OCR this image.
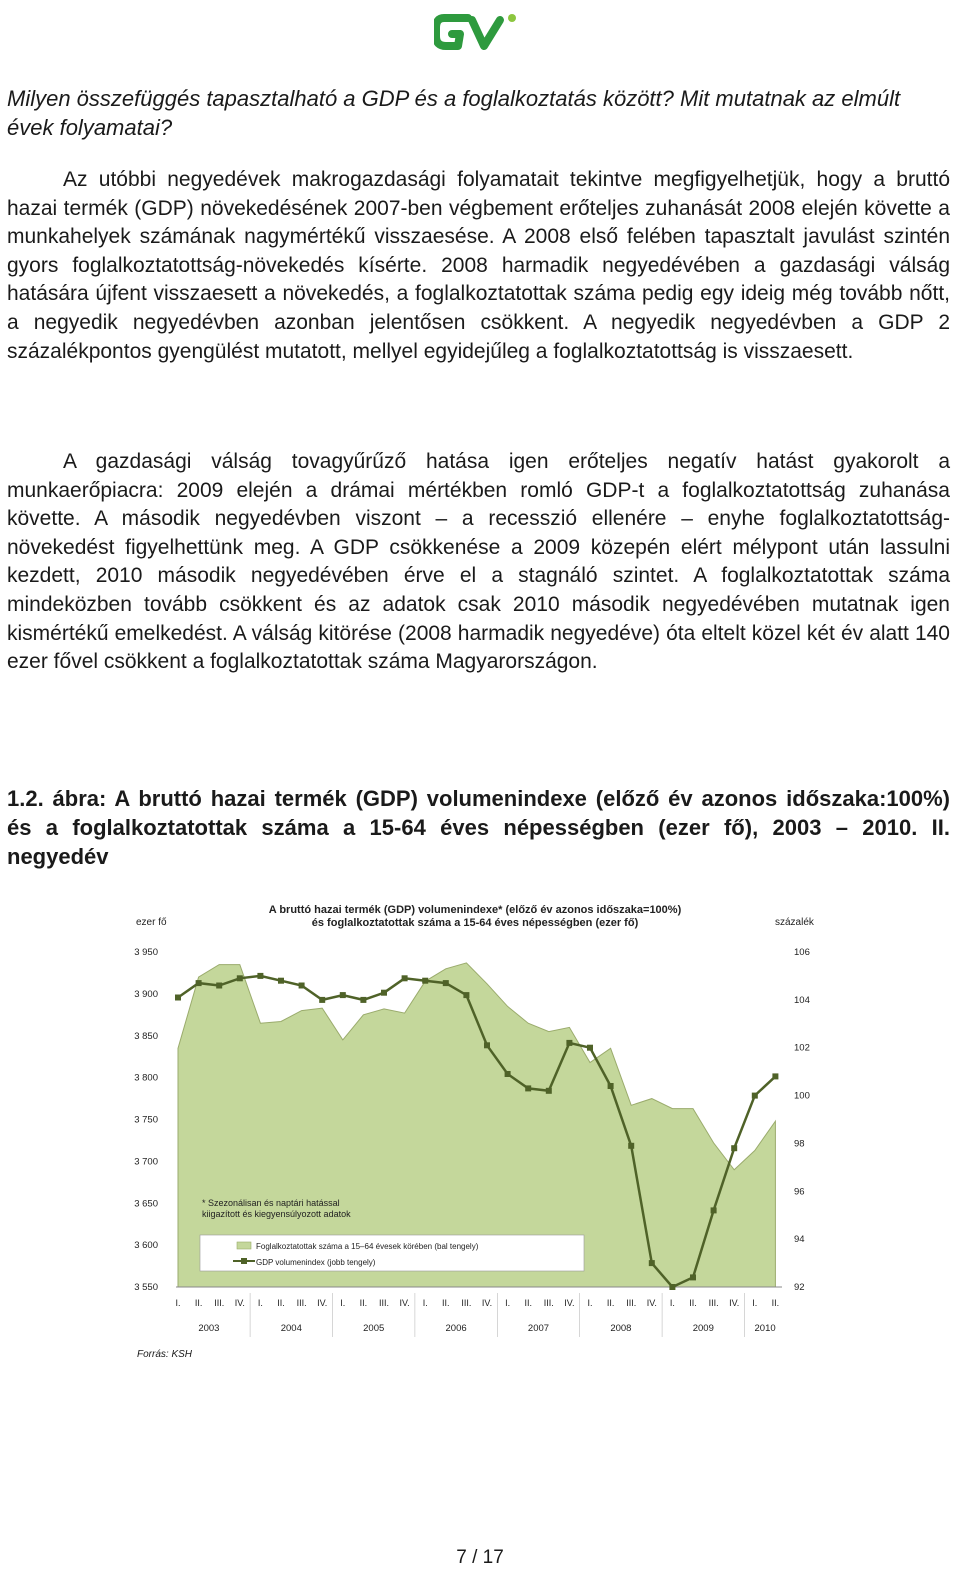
Milyen összefüggés tapasztalható a GDP és a foglalkoztatás között? Mit mutatnak az elmúlt évek folyamatai?

Az utóbbi negyedévek makrogazdasági folyamatait tekintve megfigyelhetjük, hogy a bruttó hazai termék (GDP) növekedésének 2007-ben végbement erőteljes zuhanását 2008 elején követte a munkahelyek számának nagymértékű visszaesése. A 2008 első felében tapasztalt javulást szintén gyors foglalkoztatottság-növekedés kísérte. 2008 harmadik negyedévében a gazdasági válság hatására újfent visszaesett a növekedés, a foglalkoztatottak száma pedig egy ideig még tovább nőtt, a negyedik negyedévben azonban jelentősen csökkent. A negyedik negyedévben a GDP 2 százalékpontos gyengülést mutatott, mellyel egyidejűleg a foglalkoztatottság is visszaesett.

A gazdasági válság tovagyűrűző hatása igen erőteljes negatív hatást gyakorolt a munkaerőpiacra: 2009 elején a drámai mértékben romló GDP-t a foglalkoztatottság zuhanása követte. A második negyedévben viszont – a recesszió ellenére – enyhe foglalkoztatottság-növekedést figyelhettünk meg. A GDP csökkenése a 2009 közepén elért mélypont után lassulni kezdett, 2010 második negyedévében érve el a stagnáló szintet. A foglalkoztatottak száma mindeközben tovább csökkent és az adatok csak 2010 második negyedévében mutatnak igen kismértékű emelkedést. A válság kitörése (2008 harmadik negyedéve) óta eltelt közel két év alatt 140 ezer fővel csökkent a foglalkoztatottak száma Magyarországon.

1.2. ábra: A bruttó hazai termék (GDP) volumenindexe (előző év azonos időszaka:100%) és a foglalkoztatottak száma a 15-64 éves népességben (ezer fő), 2003 – 2010. II. negyedév

A bruttó hazai termék (GDP) volumenindexe* (előző év azonos időszaka=100%)
és foglalkoztatottak száma a 15-64 éves népességben (ezer fő)
ezer fő	százalék
3 950
3 900
3 850
3 800
3 750
3 700
3 650
3 600
3 550
106
104
102
100
98
96
94
92
I. II. III. IV. I. II. III. IV. I. II. III. IV. I. II. III. IV. I. II. III. IV. I. II. III. IV. I. II. III. IV. I. II.
2003	2004	2005	2006	2007	2008	2009	2010
* Szezonálisan és naptári hatással
kiigazított és kiegyensúlyozott adatok
Foglalkoztatottak száma a 15–64 évesek körében (bal tengely)
GDP volumenindex (jobb tengely)
Forrás: KSH
7 / 17
